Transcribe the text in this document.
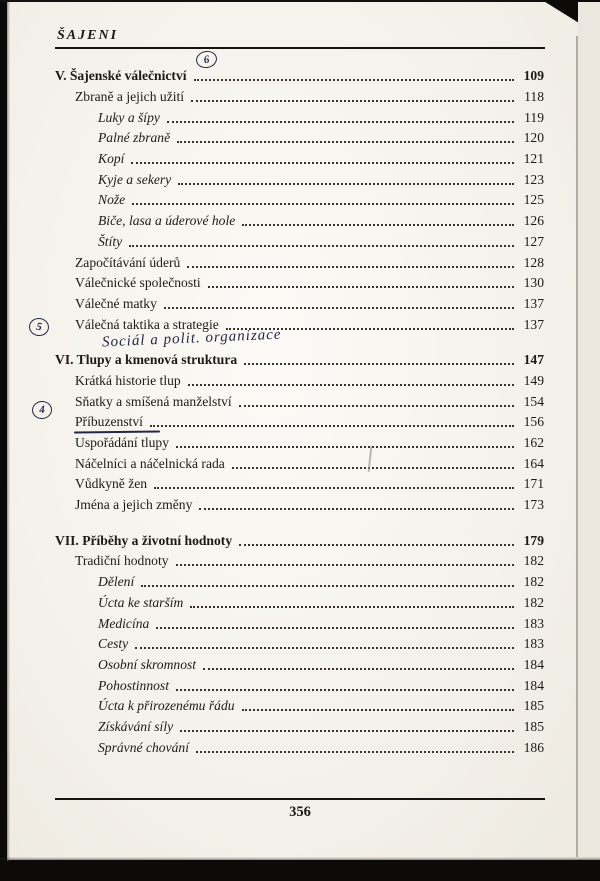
ŠAJENI
V. Šajenské válečnictví	109
Zbraně a jejich užití	118
Luky a šípy	119
Palné zbraně	120
Kopí	121
Kyje a sekery	123
Nože	125
Biče, lasa a úderové hole	126
Štíty	127
Započítávání úderů	128
Válečnické společnosti	130
Válečné matky	137
Válečná taktika a strategie	137
VI. Tlupy a kmenová struktura	147
Krátká historie tlup	149
Sňatky a smíšená manželství	154
Příbuzenství	156
Uspořádání tlupy	162
Náčelníci a náčelnická rada	164
Vůdkyně žen	171
Jména a jejich změny	173
VII. Příběhy a životní hodnoty	179
Tradiční hodnoty	182
Dělení	182
Úcta ke starším	182
Medicína	183
Cesty	183
Osobní skromnost	184
Pohostinnost	184
Úcta k přirozenému řádu	185
Získávání síly	185
Správné chování	186
356
6
5
4
Sociál a polit. organizace
